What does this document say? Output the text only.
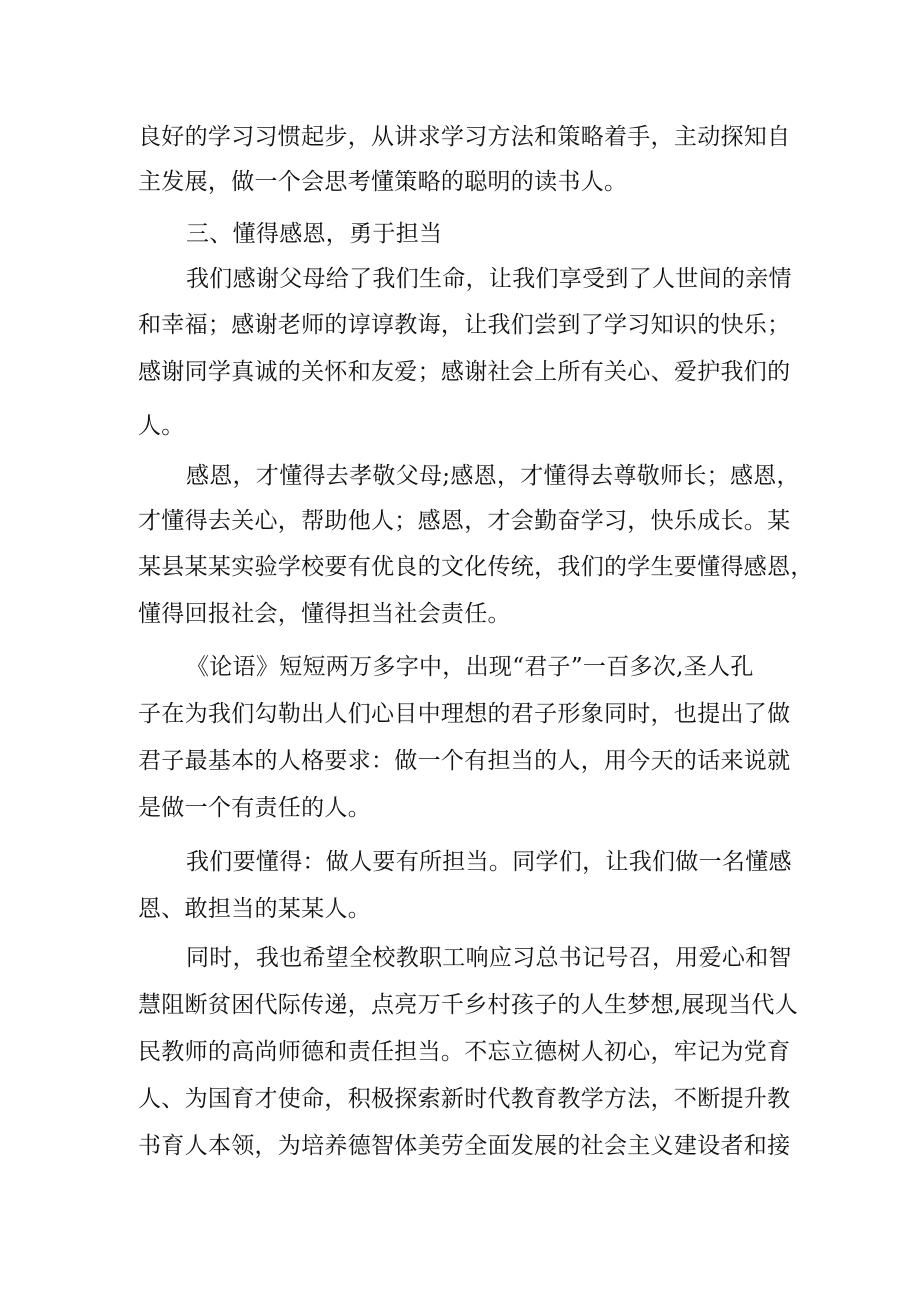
良好的学习习惯起步，从讲求学习方法和策略着手，主动探知自
主发展，做一个会思考懂策略的聪明的读书人。
三、懂得感恩，勇于担当
我们感谢父母给了我们生命，让我们享受到了人世间的亲情
和幸福；感谢老师的谆谆教诲，让我们尝到了学习知识的快乐；
感谢同学真诚的关怀和友爱；感谢社会上所有关心、爱护我们的
人。
感恩，才懂得去孝敬父母;感恩，才懂得去尊敬师长；感恩，
才懂得去关心，帮助他人；感恩，才会勤奋学习，快乐成长。某
某县某某实验学校要有优良的文化传统，我们的学生要懂得感恩，
懂得回报社会，懂得担当社会责任。
《论语》短短两万多字中，出现“君子”一百多次,圣人孔
子在为我们勾勒出人们心目中理想的君子形象同时，也提出了做
君子最基本的人格要求：做一个有担当的人，用今天的话来说就
是做一个有责任的人。
我们要懂得：做人要有所担当。同学们，让我们做一名懂感
恩、敢担当的某某人。
同时，我也希望全校教职工响应习总书记号召，用爱心和智
慧阻断贫困代际传递，点亮万千乡村孩子的人生梦想,展现当代人
民教师的高尚师德和责任担当。不忘立德树人初心，牢记为党育
人、为国育才使命，积极探索新时代教育教学方法，不断提升教
书育人本领，为培养德智体美劳全面发展的社会主义建设者和接
